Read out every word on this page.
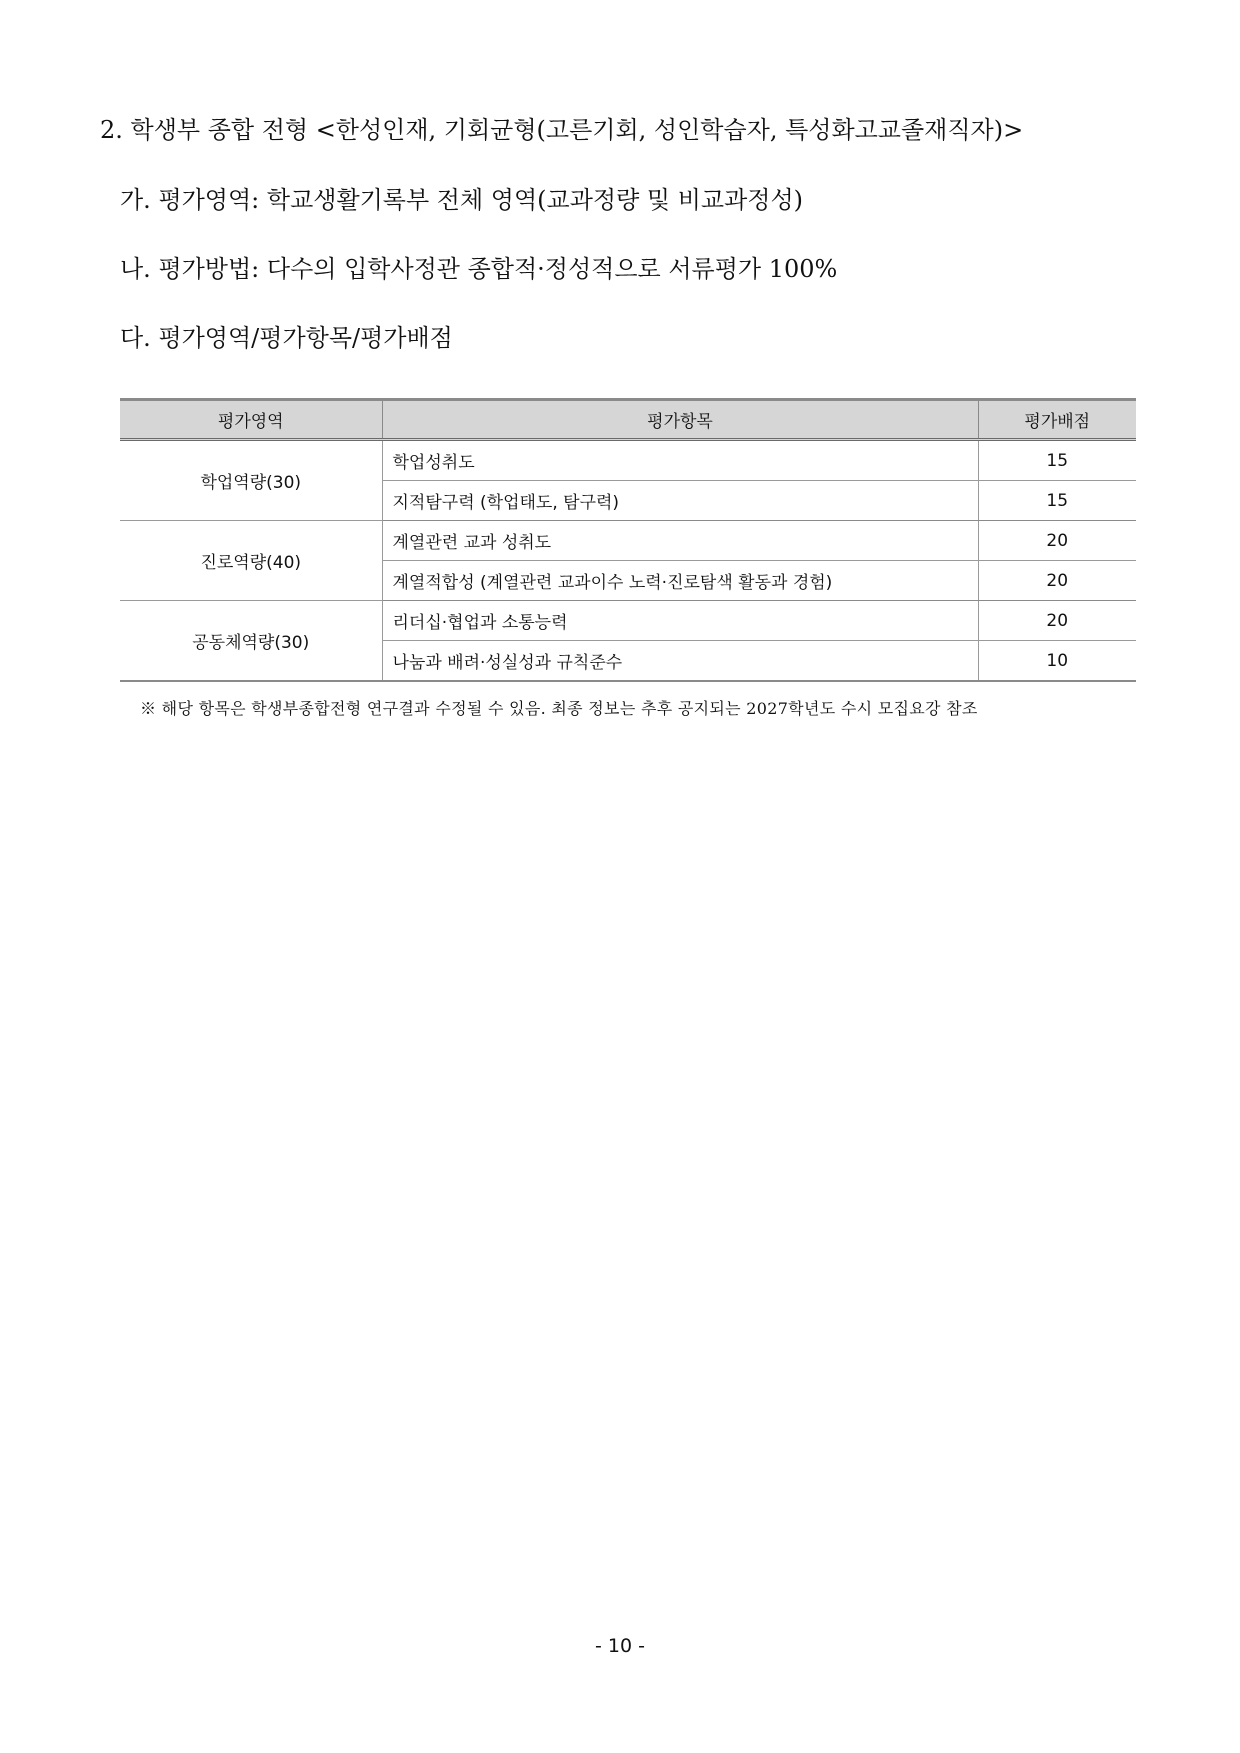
2. 학생부 종합 전형 <한성인재, 기회균형(고른기회, 성인학습자, 특성화고교졸재직자)>

가. 평가영역: 학교생활기록부 전체 영역(교과정량 및 비교과정성)

나. 평가방법: 다수의 입학사정관 종합적·정성적으로 서류평가 100%

다. 평가영역/평가항목/평가배점

평가영역	평가항목	평가배점
학업역량(30)	학업성취도	15
	지적탐구력 (학업태도, 탐구력)	15
진로역량(40)	계열관련 교과 성취도	20
	계열적합성 (계열관련 교과이수 노력·진로탐색 활동과 경험)	20
공동체역량(30)	리더십·협업과 소통능력	20
	나눔과 배려·성실성과 규칙준수	10

※ 해당 항목은 학생부종합전형 연구결과 수정될 수 있음. 최종 정보는 추후 공지되는 2027학년도 수시 모집요강 참조

- 10 -
